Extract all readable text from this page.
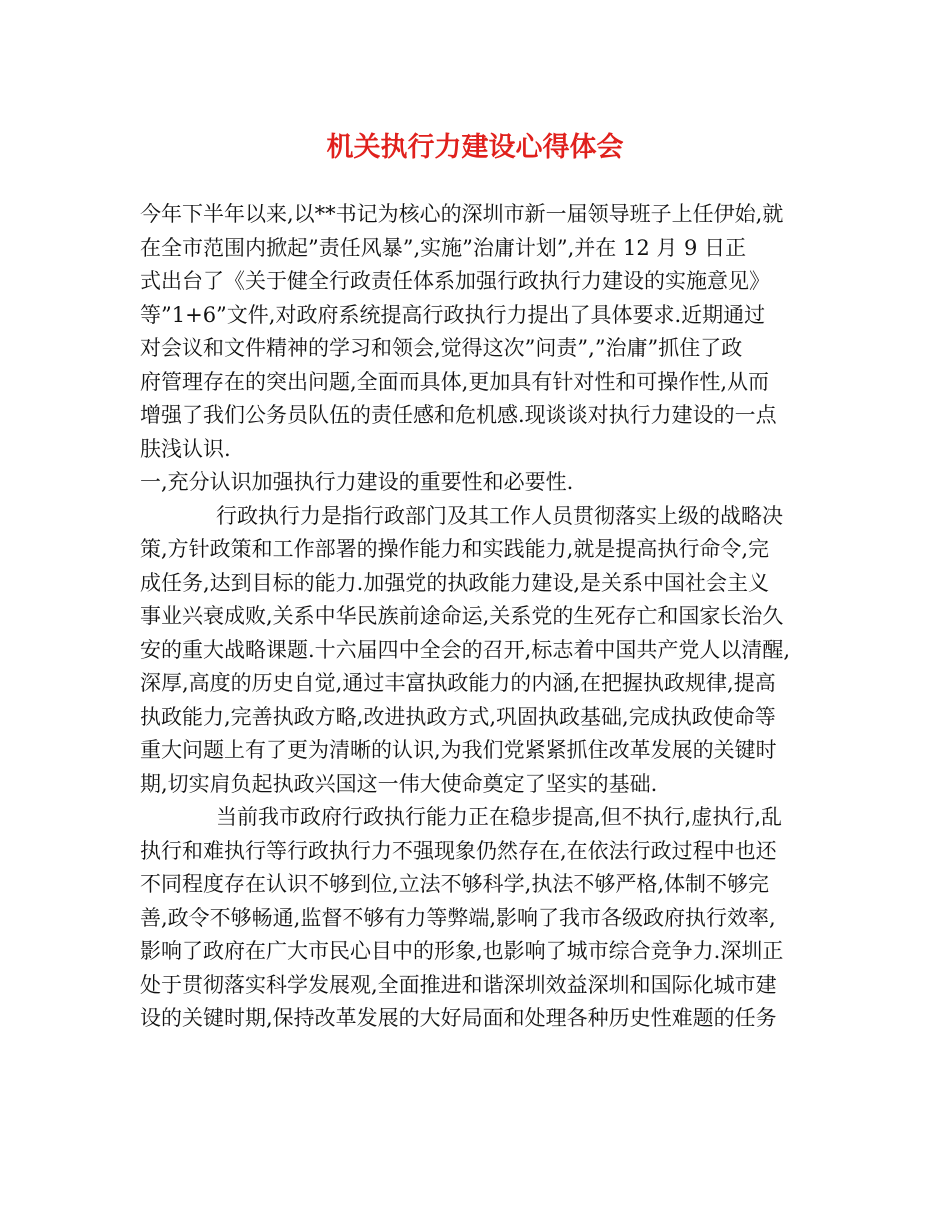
机关执行力建设心得体会

今年下半年以来,以**书记为核心的深圳市新一届领导班子上任伊始,就

在全市范围内掀起”责任风暴”,实施”治庸计划”,并在 12 月 9 日正

式出台了《关于健全行政责任体系加强行政执行力建设的实施意见》

等”1+6”文件,对政府系统提高行政执行力提出了具体要求.近期通过

对会议和文件精神的学习和领会,觉得这次”问责”,”治庸”抓住了政

府管理存在的突出问题,全面而具体,更加具有针对性和可操作性,从而

增强了我们公务员队伍的责任感和危机感.现谈谈对执行力建设的一点

肤浅认识.

一,充分认识加强执行力建设的重要性和必要性.

行政执行力是指行政部门及其工作人员贯彻落实上级的战略决

策,方针政策和工作部署的操作能力和实践能力,就是提高执行命令,完

成任务,达到目标的能力.加强党的执政能力建设,是关系中国社会主义

事业兴衰成败,关系中华民族前途命运,关系党的生死存亡和国家长治久

安的重大战略课题.十六届四中全会的召开,标志着中国共产党人以清醒,

深厚,高度的历史自觉,通过丰富执政能力的内涵,在把握执政规律,提高

执政能力,完善执政方略,改进执政方式,巩固执政基础,完成执政使命等

重大问题上有了更为清晰的认识,为我们党紧紧抓住改革发展的关键时

期,切实肩负起执政兴国这一伟大使命奠定了坚实的基础.

当前我市政府行政执行能力正在稳步提高,但不执行,虚执行,乱

执行和难执行等行政执行力不强现象仍然存在,在依法行政过程中也还

不同程度存在认识不够到位,立法不够科学,执法不够严格,体制不够完

善,政令不够畅通,监督不够有力等弊端,影响了我市各级政府执行效率,

影响了政府在广大市民心目中的形象,也影响了城市综合竞争力.深圳正

处于贯彻落实科学发展观,全面推进和谐深圳效益深圳和国际化城市建

设的关键时期,保持改革发展的大好局面和处理各种历史性难题的任务
